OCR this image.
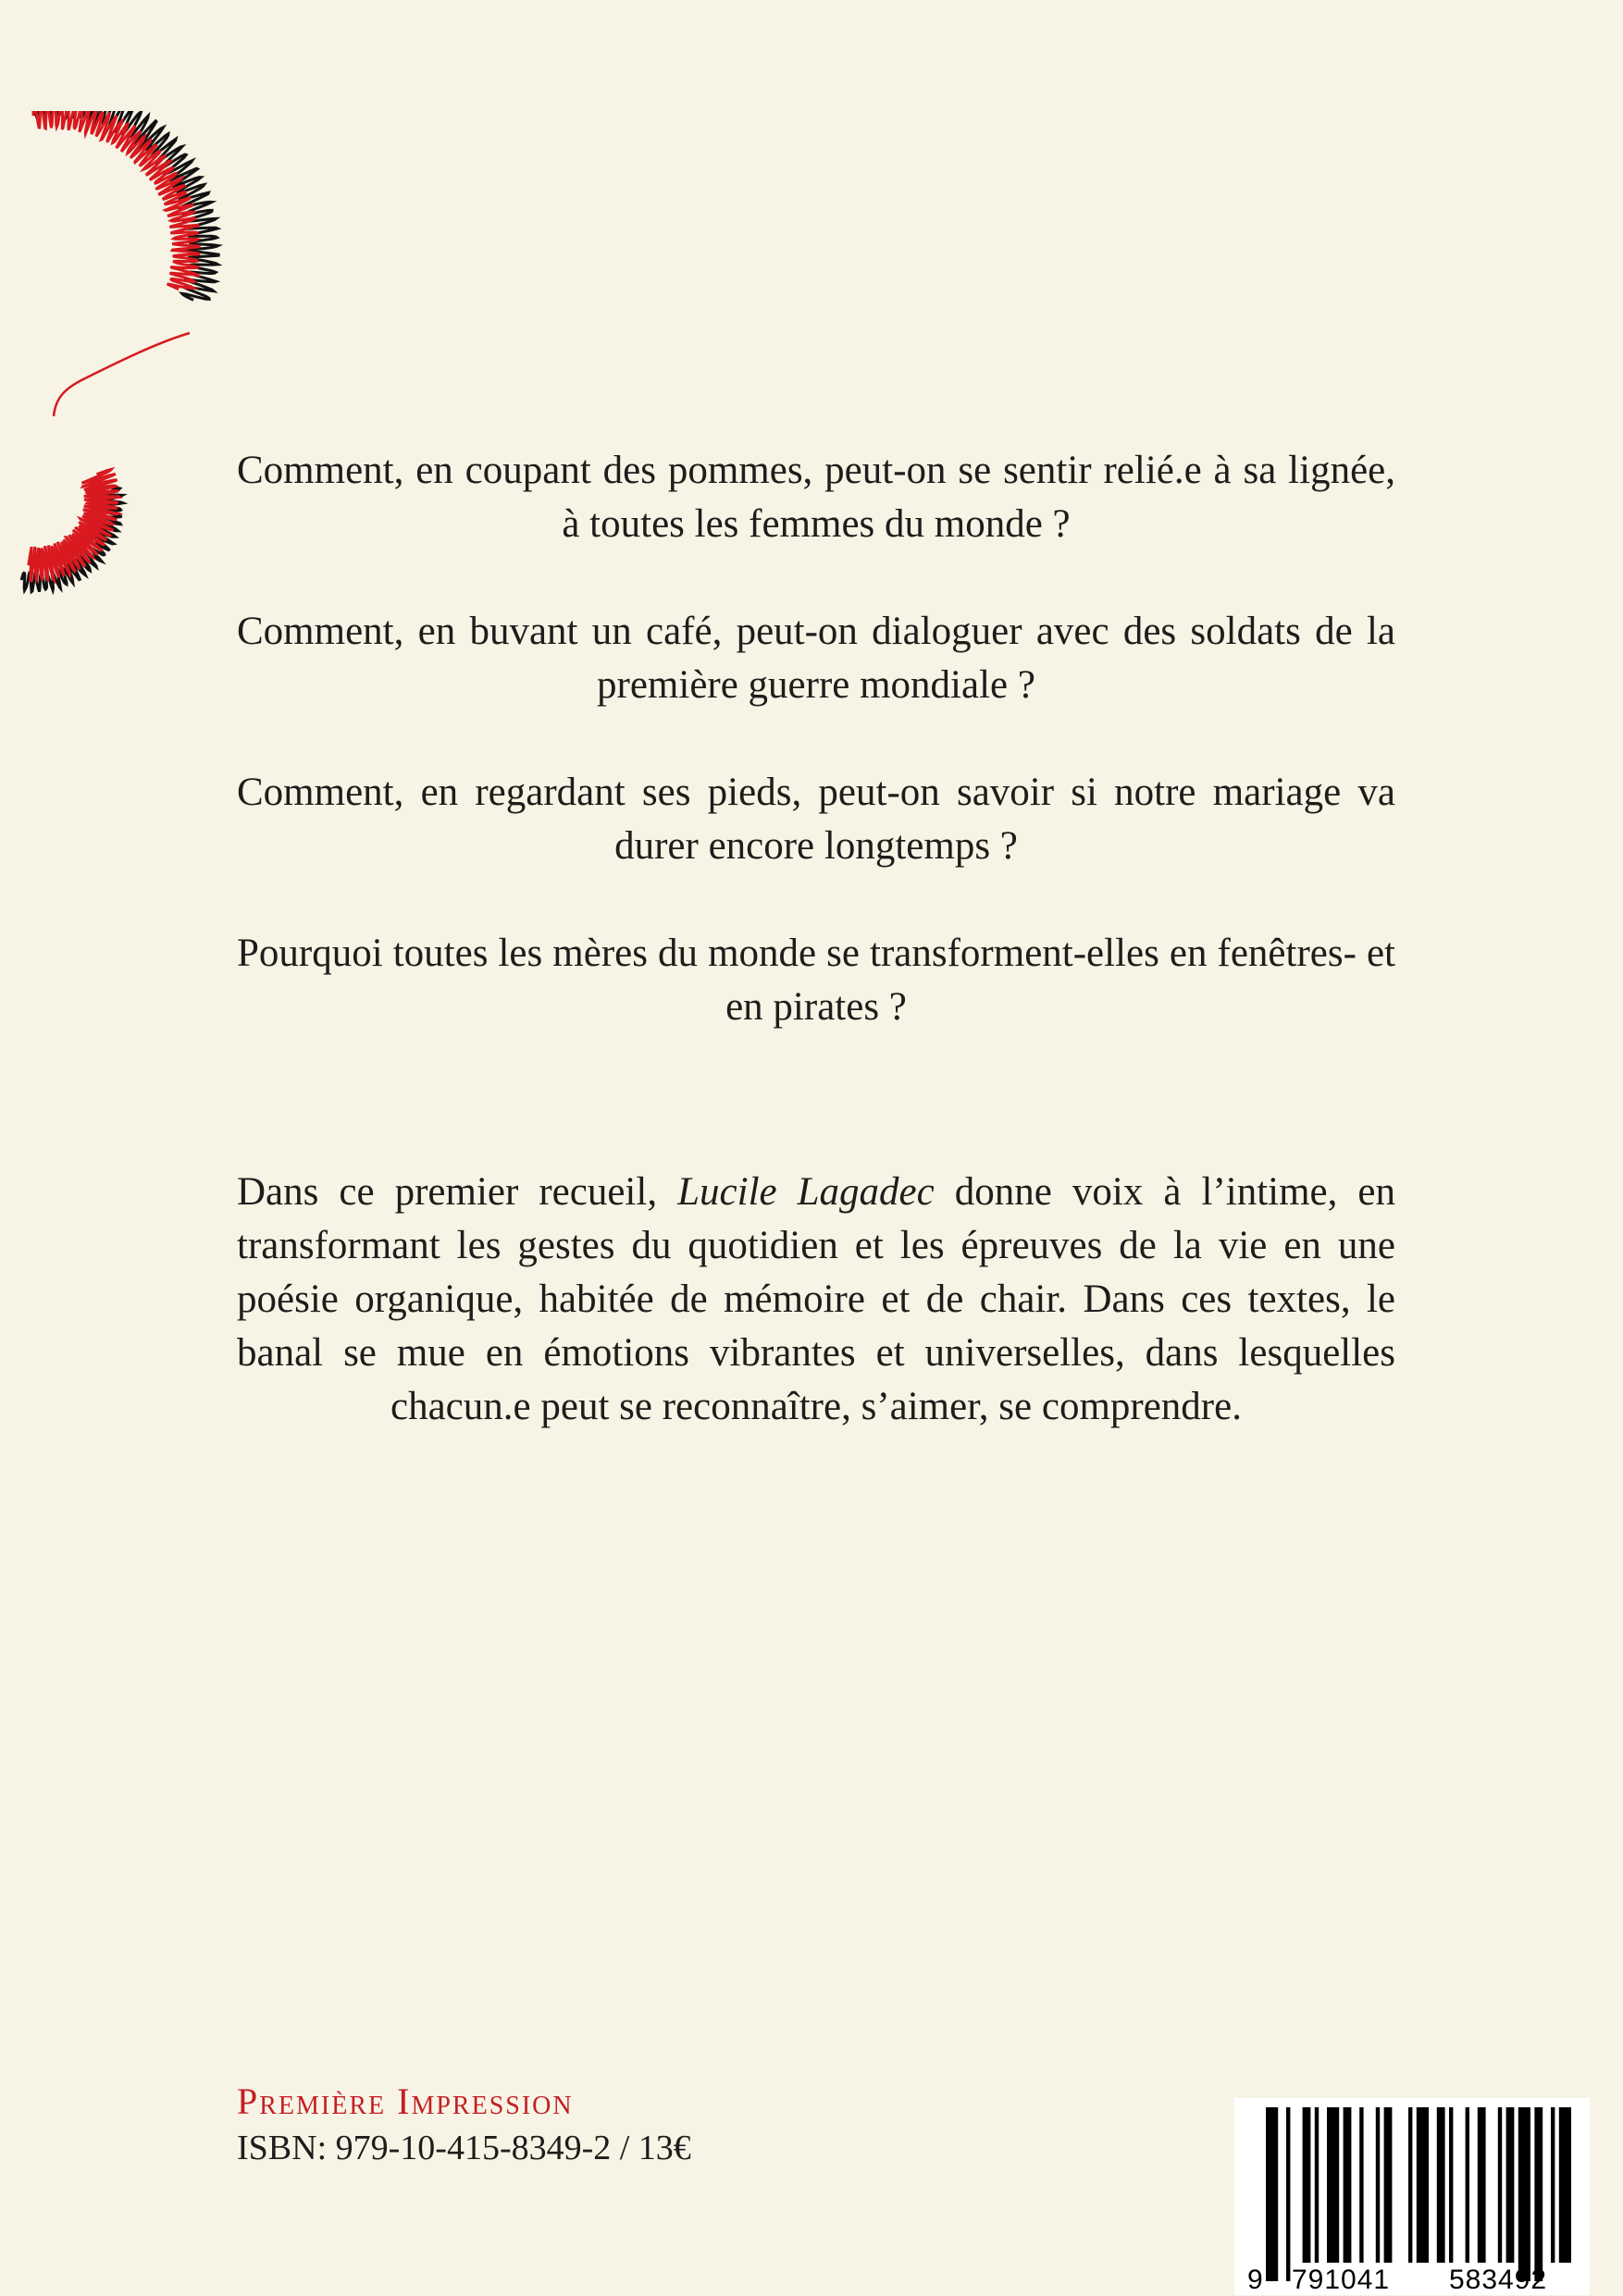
Comment, en coupant des pommes, peut-on se sentir relié.e à sa lignée, à toutes les femmes du monde ?

Comment, en buvant un café, peut-on dialoguer avec des soldats de la première guerre mondiale ?

Comment, en regardant ses pieds, peut-on savoir si notre mariage va durer encore longtemps ?

Pourquoi toutes les mères du monde se transforment-elles en fenêtres- et en pirates ?

Dans ce premier recueil, Lucile Lagadec donne voix à l’intime, en transformant les gestes du quotidien et les épreuves de la vie en une poésie organique, habitée de mémoire et de chair. Dans ces textes, le banal se mue en émotions vibrantes et universelles, dans lesquelles chacun.e peut se reconnaître, s’aimer, se comprendre.

Première Impression
ISBN: 979-10-415-8349-2 / 13€
9 791041 583492
